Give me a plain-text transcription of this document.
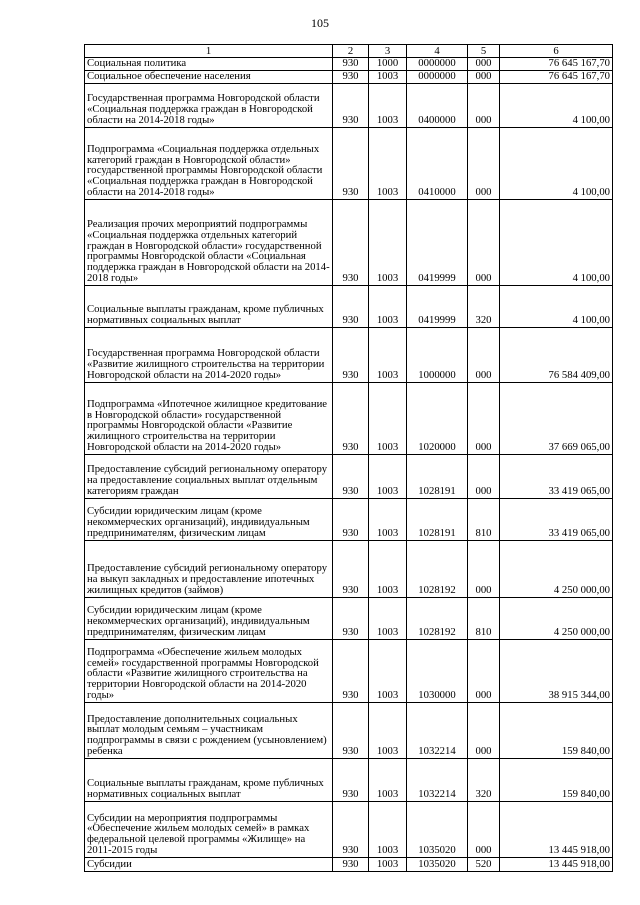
105
1	2	3	4	5	6
Социальная политика	930	1000	0000000	000	76 645 167,70
Социальное обеспечение населения	930	1003	0000000	000	76 645 167,70
Государственная программа Новгородской области «Социальная поддержка граждан в Новгородской области на 2014-2018 годы»	930	1003	0400000	000	4 100,00
Подпрограмма «Социальная поддержка отдельных категорий граждан в Новгородской области» государственной программы Новгородской области «Социальная поддержка граждан в Новгородской области на 2014-2018 годы»	930	1003	0410000	000	4 100,00
Реализация прочих мероприятий подпрограммы «Социальная поддержка отдельных категорий граждан в Новгородской области» государственной программы Новгородской области «Социальная поддержка граждан в Новгородской области на 2014-2018 годы»	930	1003	0419999	000	4 100,00
Социальные выплаты гражданам, кроме публичных нормативных социальных выплат	930	1003	0419999	320	4 100,00
Государственная программа Новгородской области «Развитие жилищного строительства на территории Новгородской области на 2014-2020 годы»	930	1003	1000000	000	76 584 409,00
Подпрограмма «Ипотечное жилищное кредитование в Новгородской области» государственной программы Новгородской области «Развитие жилищного строительства на территории Новгородской области на 2014-2020 годы»	930	1003	1020000	000	37 669 065,00
Предоставление субсидий региональному оператору на предоставление социальных выплат отдельным категориям граждан	930	1003	1028191	000	33 419 065,00
Субсидии юридическим лицам (кроме некоммерческих организаций), индивидуальным предпринимателям, физическим лицам	930	1003	1028191	810	33 419 065,00
Предоставление субсидий региональному оператору на выкуп закладных и предоставление ипотечных жилищных кредитов (займов)	930	1003	1028192	000	4 250 000,00
Субсидии юридическим лицам (кроме некоммерческих организаций), индивидуальным предпринимателям, физическим лицам	930	1003	1028192	810	4 250 000,00
Подпрограмма «Обеспечение жильем молодых семей» государственной программы Новгородской области «Развитие жилищного строительства на территории Новгородской области на 2014-2020 годы»	930	1003	1030000	000	38 915 344,00
Предоставление дополнительных социальных выплат молодым семьям – участникам подпрограммы в связи с рождением (усыновлением) ребенка	930	1003	1032214	000	159 840,00
Социальные выплаты гражданам, кроме публичных нормативных социальных выплат	930	1003	1032214	320	159 840,00
Субсидии на мероприятия подпрограммы «Обеспечение жильем молодых семей» в рамках федеральной целевой программы «Жилище» на 2011-2015 годы	930	1003	1035020	000	13 445 918,00
Субсидии	930	1003	1035020	520	13 445 918,00
